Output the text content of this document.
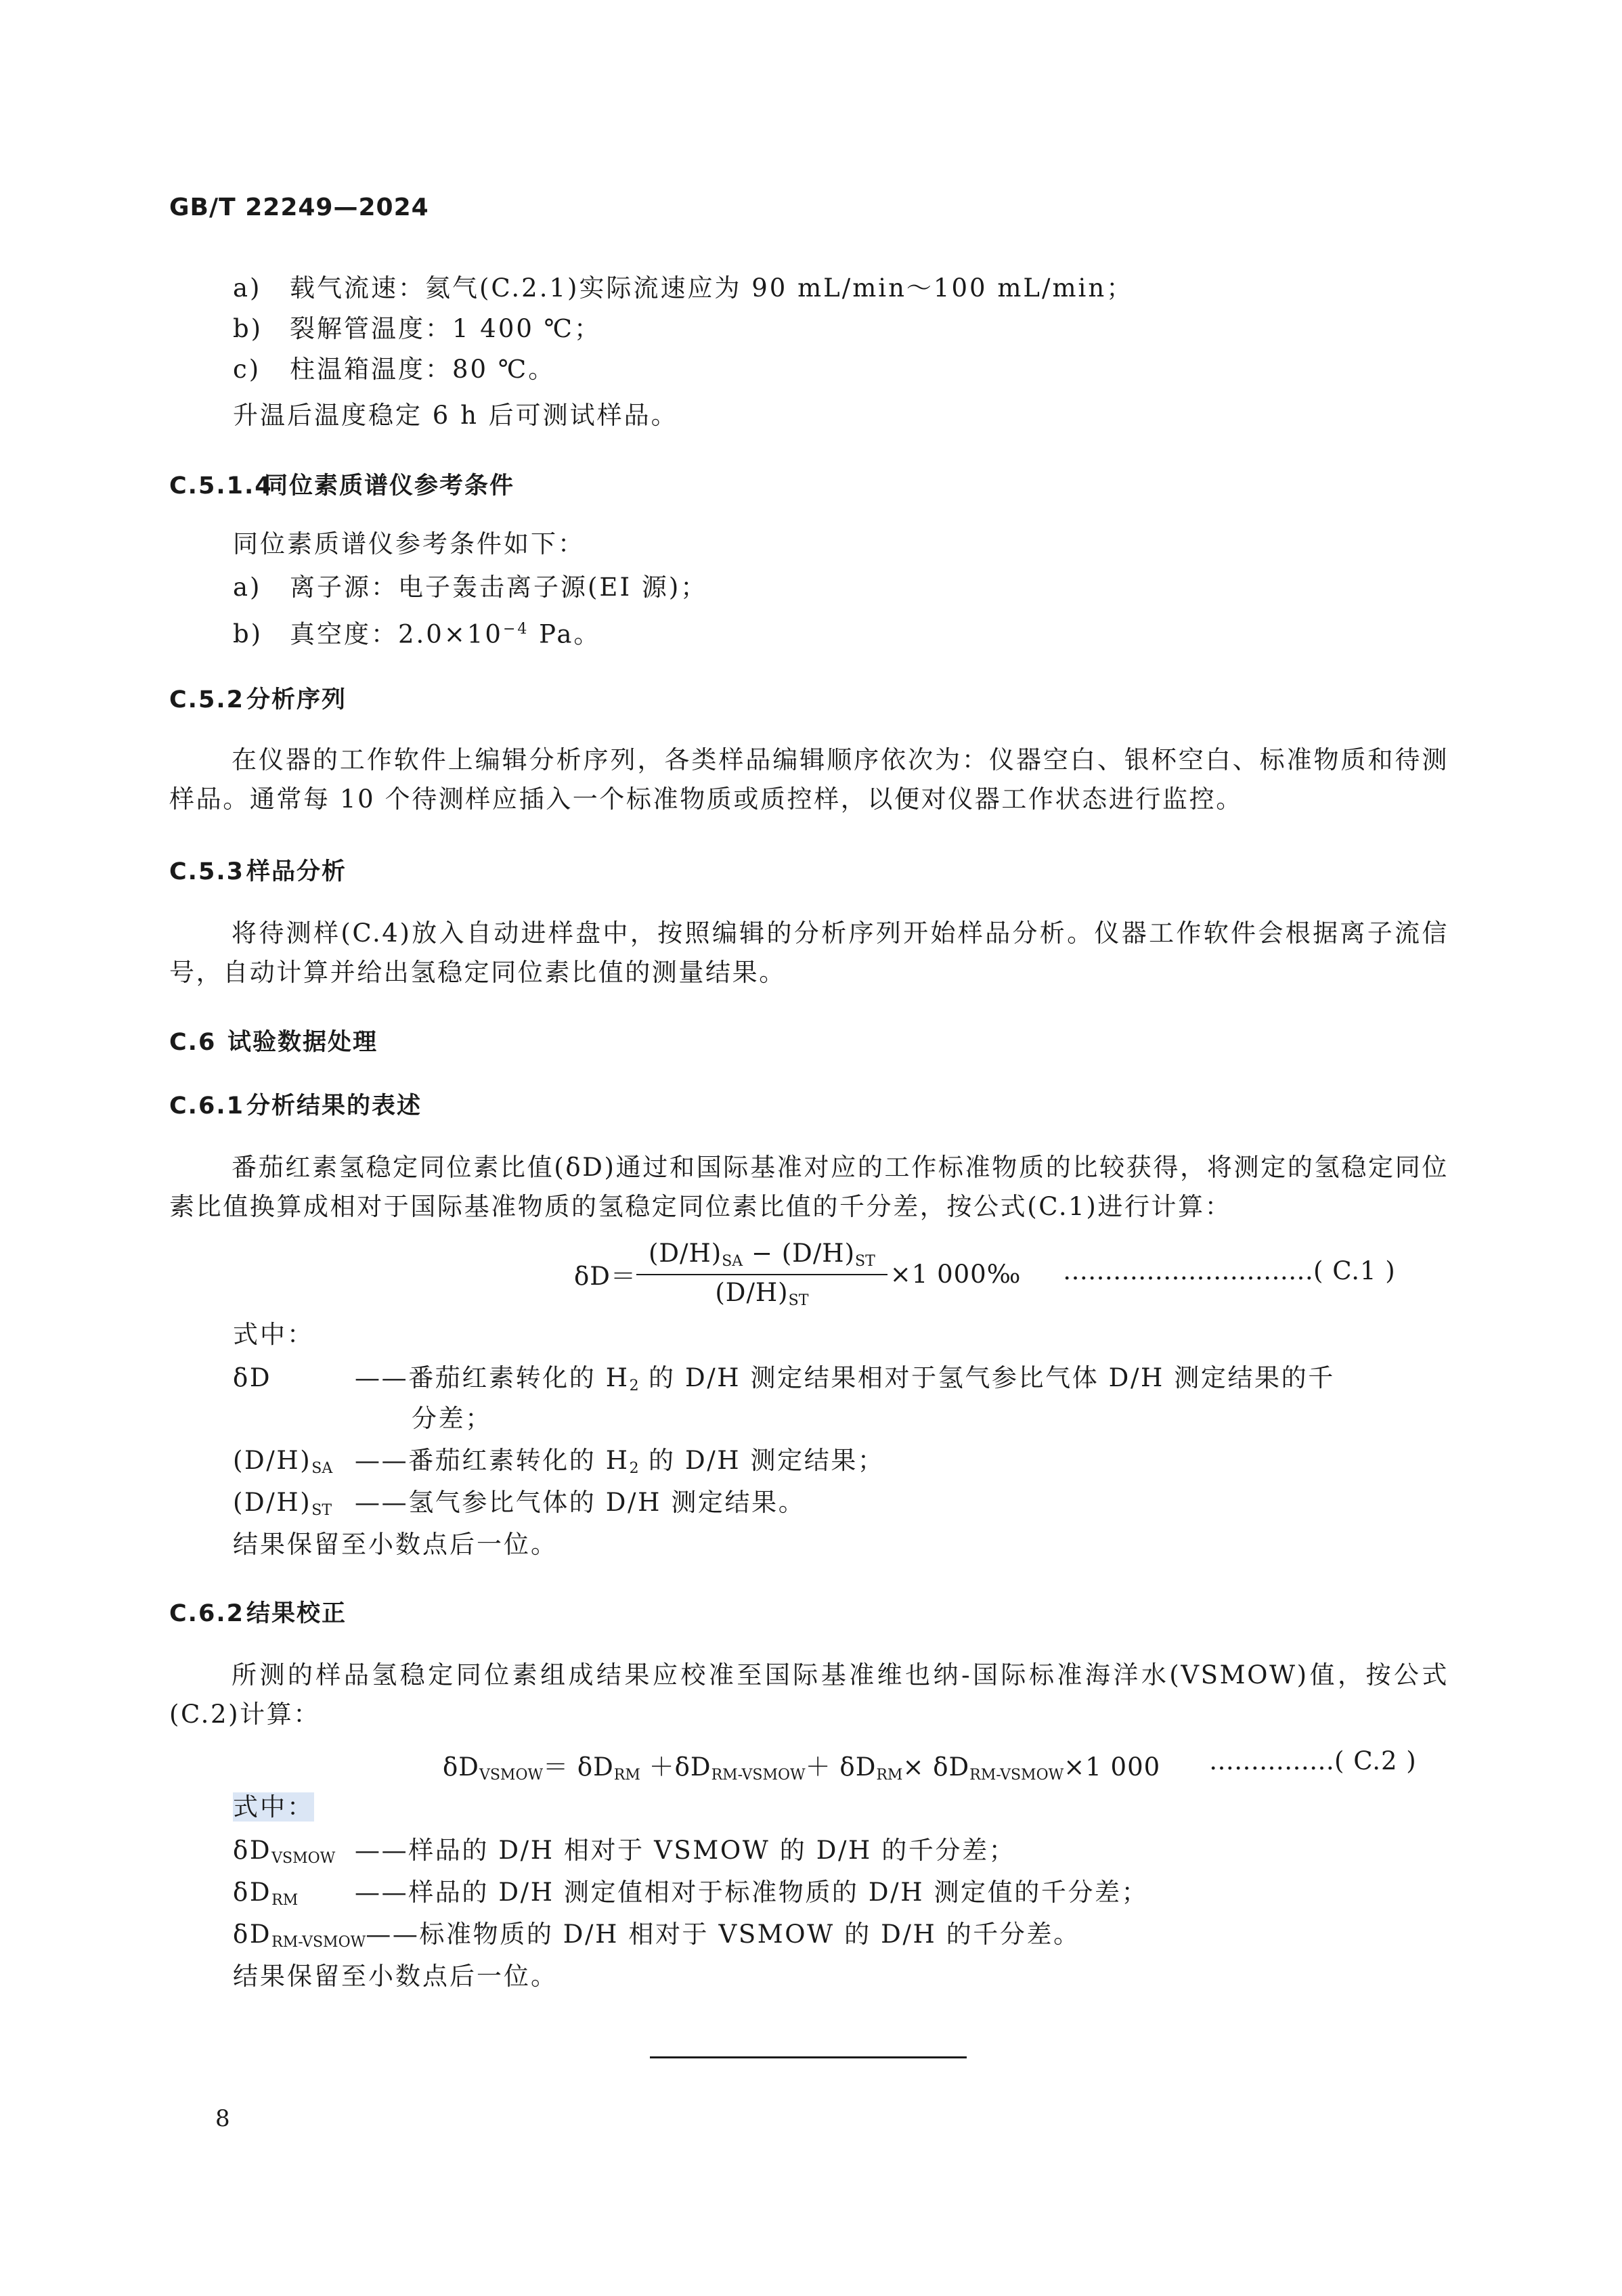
GB/T 22249—2024
a) 载气流速：氦气(C.2.1)实际流速应为 90 mL/min～100 mL/min；
b) 裂解管温度：1 400 ℃；
c) 柱温箱温度：80 ℃。
升温后温度稳定 6 h 后可测试样品。
C.5.1.4同位素质谱仪参考条件
同位素质谱仪参考条件如下：
a) 离子源：电子轰击离子源(EI 源)；
b) 真空度：$2.0\times 10^{-4}$ Pa。
C.5.2分析序列
在仪器的工作软件上编辑分析序列，各类样品编辑顺序依次为：仪器空白、银杯空白、标准物质和待测样品。通常每 10 个待测样应插入一个标准物质或质控样，以便对仪器工作状态进行监控。
C.5.3样品分析
将待测样(C.4)放入自动进样盘中，按照编辑的分析序列开始样品分析。仪器工作软件会根据离子流信号，自动计算并给出氢稳定同位素比值的测量结果。
C.6 试验数据处理
C.6.1分析结果的表述
番茄红素氢稳定同位素比值(δD)通过和国际基准对应的工作标准物质的比较获得，将测定的氢稳定同位素比值换算成相对于国际基准物质的氢稳定同位素比值的千分差，按公式(C.1)进行计算：
$\delta D= \frac{(D/H)_{SA} - (D/H)_{ST}}{(D/H)_{ST}} \times 1$ 000‰ …………………………( C.1 )
式中：
δD	——番茄红素转化的 $H_2$ 的 D/H 测定结果相对于氢气参比气体 D/H 测定结果的千
分差；
$(D/H)_{SA}$ ——番茄红素转化的 $H_2$ 的 D/H 测定结果；
$(D/H)_{ST}$ ——氢气参比气体的 D/H 测定结果。
结果保留至小数点后一位。
C.6.2结果校正
所测的样品氢稳定同位素组成结果应校准至国际基准维也纳-国际标准海洋水(VSMOW)值，按公式(C.2)计算：
$\delta D_{VSMOW}= \delta D_{RM} +\delta D_{RM-VSMOW}+ \delta D_{RM}\times \delta D_{RM-VSMOW}\times 1$ 000 ……………( C.2 )
式中：
$\delta D_{VSMOW}$ ——样品的 D/H 相对于 VSMOW 的 D/H 的千分差；
$\delta D_{RM}$ ——样品的 D/H 测定值相对于标准物质的 D/H 测定值的千分差；
$\delta D_{RM-VSMOW}——$标准物质的 D/H 相对于 VSMOW 的 D/H 的千分差。
结果保留至小数点后一位。
8
